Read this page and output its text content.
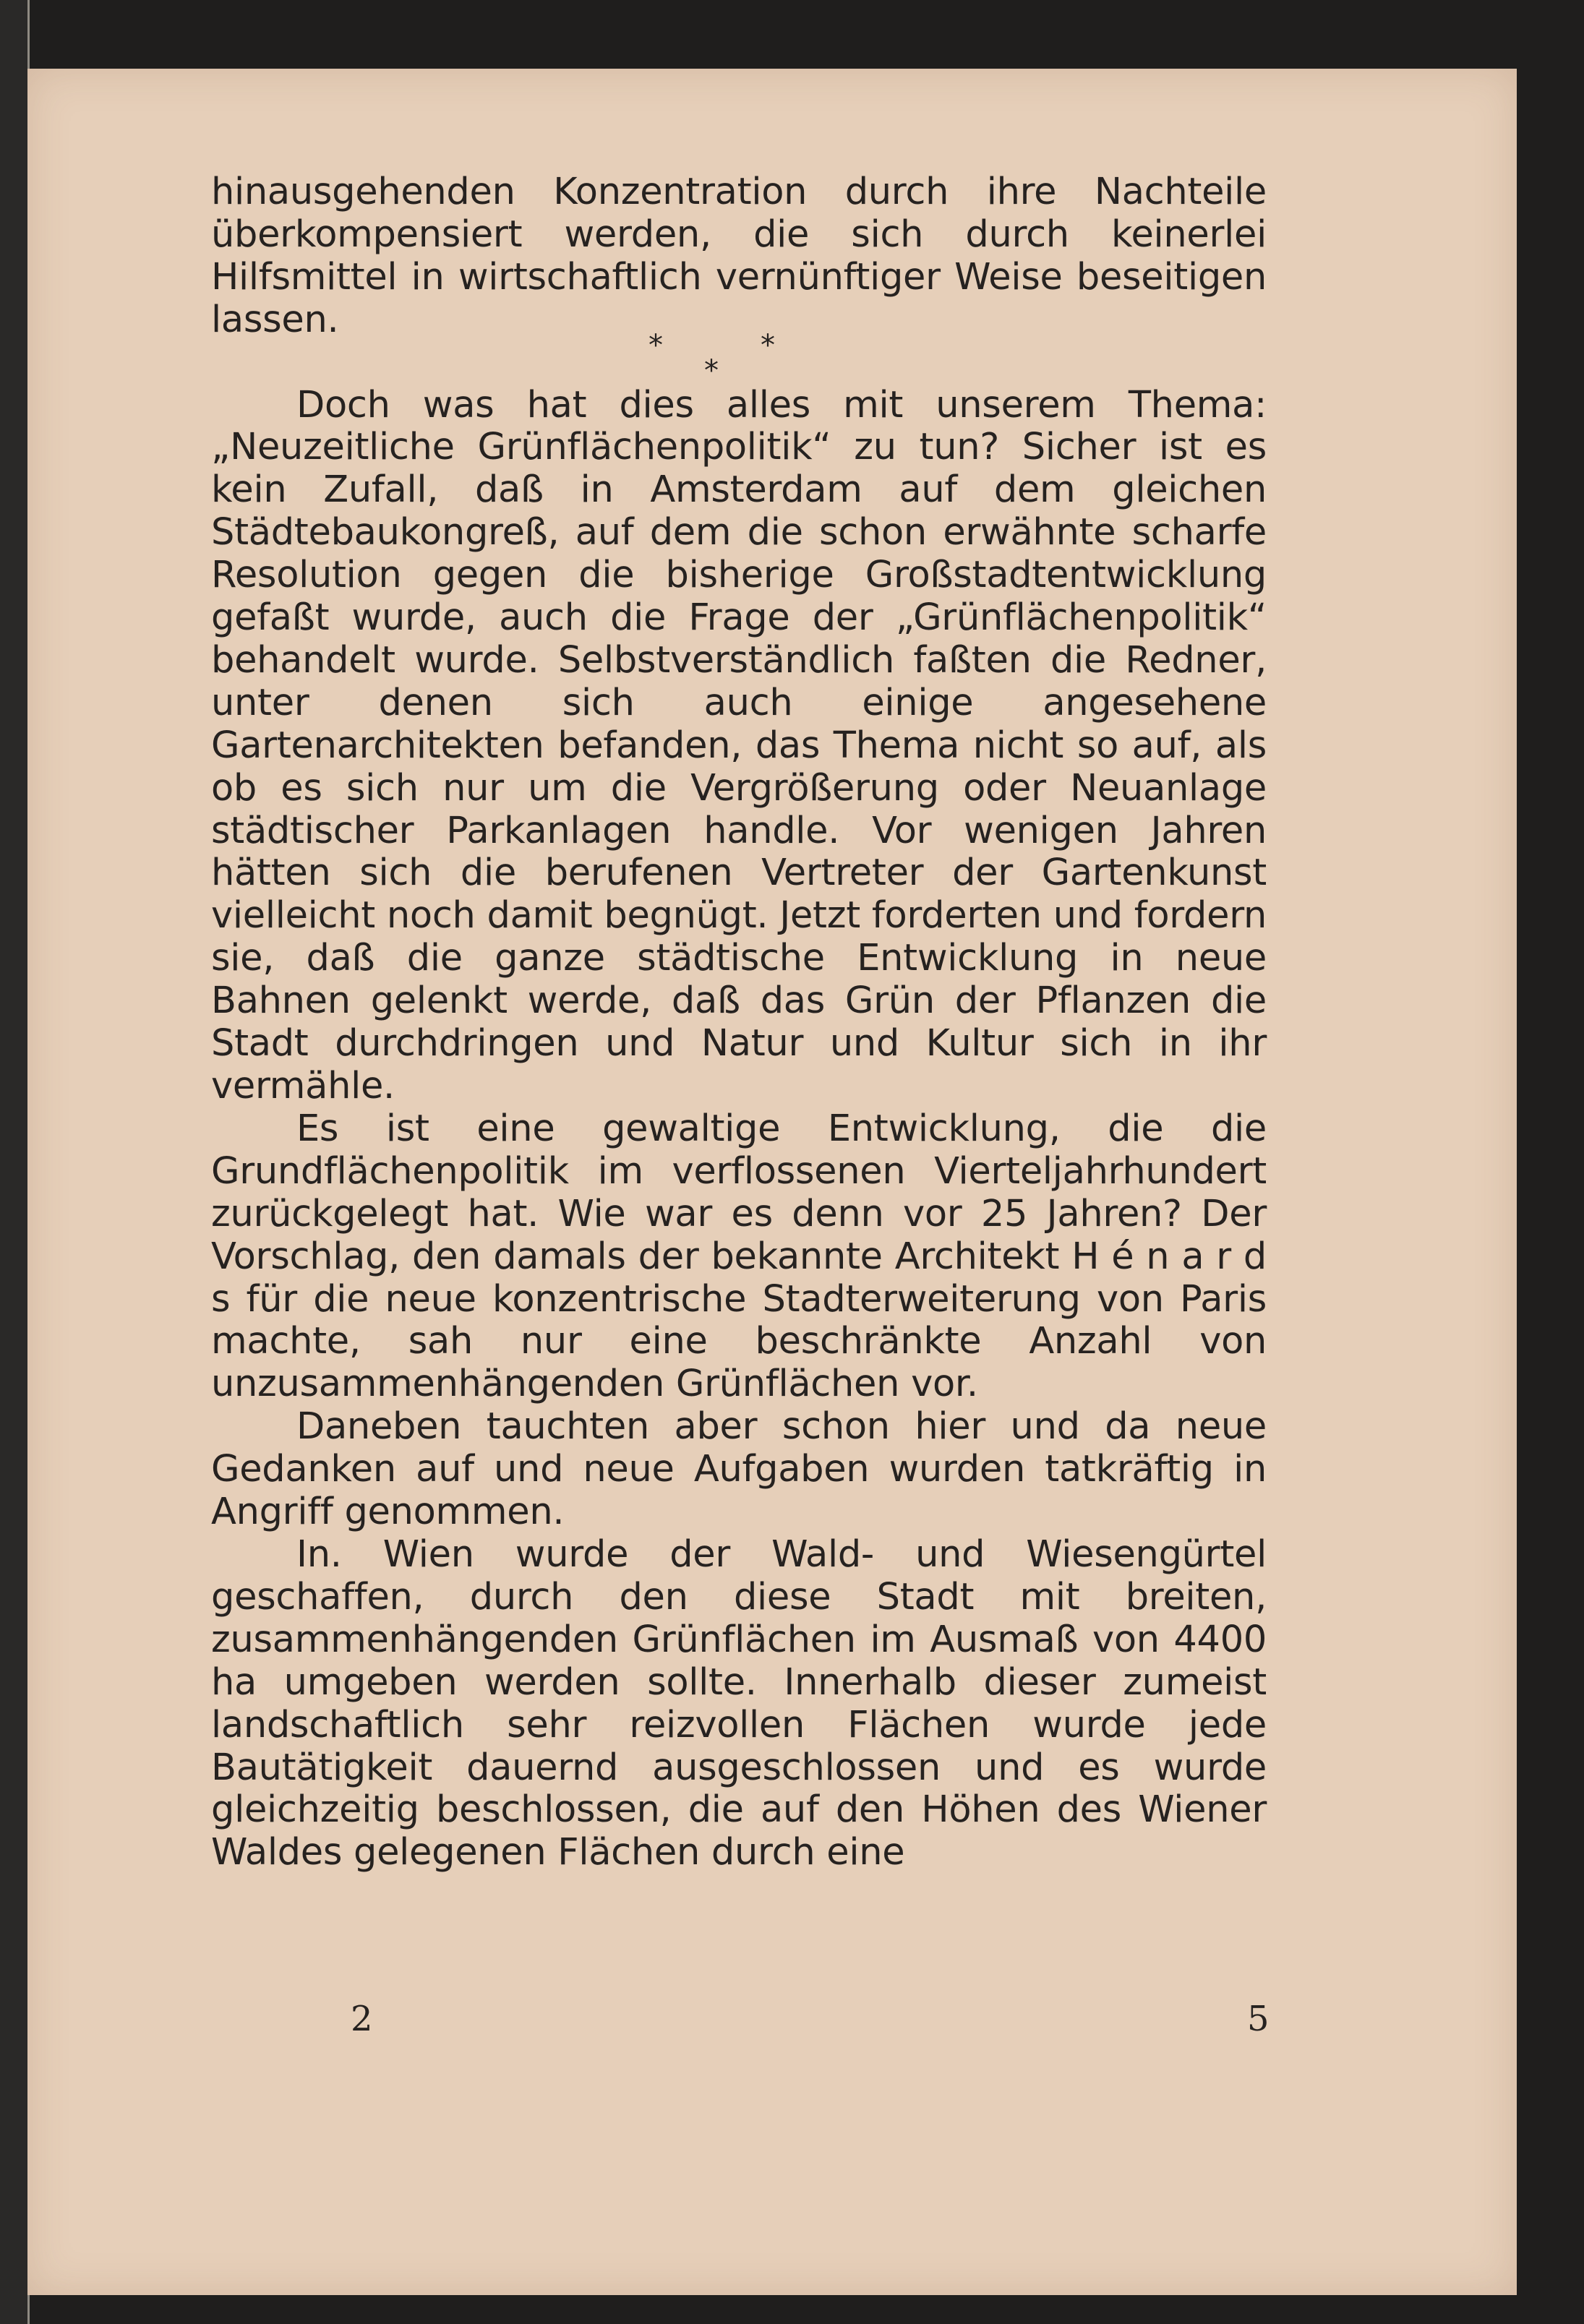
hinausgehenden Konzentration durch ihre Nachteile überkompensiert werden, die sich durch keinerlei Hilfsmittel in wirtschaftlich vernünftiger Weise beseitigen lassen.

*	*
*

Doch was hat dies alles mit unserem Thema: „Neuzeitliche Grünflächenpolitik“ zu tun? Sicher ist es kein Zufall, daß in Amsterdam auf dem gleichen Städtebaukongreß, auf dem die schon erwähnte scharfe Resolution gegen die bisherige Großstadtentwicklung gefaßt wurde, auch die Frage der „Grünflächenpolitik“ behandelt wurde. Selbstverständlich faßten die Redner, unter denen sich auch einige angesehene Gartenarchitekten befanden, das Thema nicht so auf, als ob es sich nur um die Vergrößerung oder Neuanlage städtischer Parkanlagen handle. Vor wenigen Jahren hätten sich die berufenen Vertreter der Gartenkunst vielleicht noch damit begnügt. Jetzt forderten und fordern sie, daß die ganze städtische Entwicklung in neue Bahnen gelenkt werde, daß das Grün der Pflanzen die Stadt durchdringen und Natur und Kultur sich in ihr vermähle.

Es ist eine gewaltige Entwicklung, die die Grundflächenpolitik im verflossenen Vierteljahrhundert zurückgelegt hat. Wie war es denn vor 25 Jahren? Der Vorschlag, den damals der bekannte Architekt H é n a r d s für die neue konzentrische Stadterweiterung von Paris machte, sah nur eine beschränkte Anzahl von unzusammenhängenden Grünflächen vor.

Daneben tauchten aber schon hier und da neue Gedanken auf und neue Aufgaben wurden tatkräftig in Angriff genommen.

In. Wien wurde der Wald- und Wiesengürtel geschaffen, durch den diese Stadt mit breiten, zusammenhängenden Grünflächen im Ausmaß von 4400 ha umgeben werden sollte. Innerhalb dieser zumeist landschaftlich sehr reizvollen Flächen wurde jede Bautätigkeit dauernd ausgeschlossen und es wurde gleichzeitig beschlossen, die auf den Höhen des Wiener Waldes gelegenen Flächen durch eine

2	5
